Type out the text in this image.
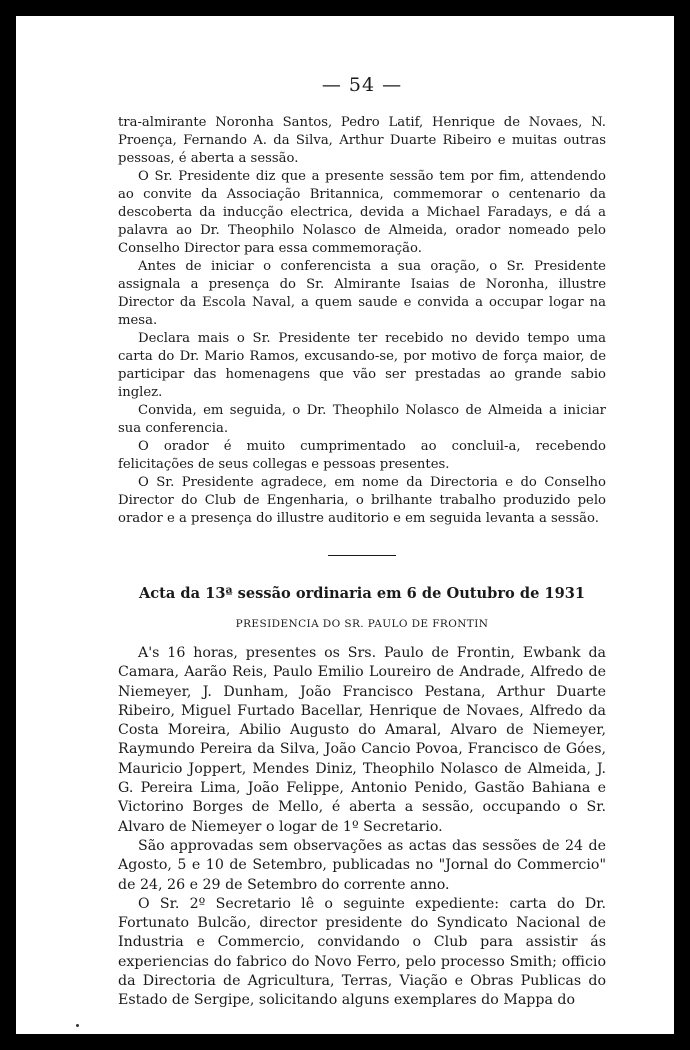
— 54 —

tra-almirante Noronha Santos, Pedro Latif, Henrique de Novaes, N. Proença, Fernando A. da Silva, Arthur Duarte Ribeiro e muitas outras pessoas, é aberta a sessão.

O Sr. Presidente diz que a presente sessão tem por fim, attendendo ao convite da Associação Britannica, commemorar o centenario da descoberta da inducção electrica, devida a Michael Faradays, e dá a palavra ao Dr. Theophilo Nolasco de Almeida, orador nomeado pelo Conselho Director para essa commemoração.

Antes de iniciar o conferencista a sua oração, o Sr. Presidente assignala a presença do Sr. Almirante Isaias de Noronha, illustre Director da Escola Naval, a quem saude e convida a occupar logar na mesa.

Declara mais o Sr. Presidente ter recebido no devido tempo uma carta do Dr. Mario Ramos, excusando-se, por motivo de força maior, de participar das homenagens que vão ser prestadas ao grande sabio inglez.

Convida, em seguida, o Dr. Theophilo Nolasco de Almeida a iniciar sua conferencia.

O orador é muito cumprimentado ao concluil-a, recebendo felicitações de seus collegas e pessoas presentes.

O Sr. Presidente agradece, em nome da Directoria e do Conselho Director do Club de Engenharia, o brilhante trabalho produzido pelo orador e a presença do illustre auditorio e em seguida levanta a sessão.

Acta da 13ª sessão ordinaria em 6 de Outubro de 1931
PRESIDENCIA DO SR. PAULO DE FRONTIN

A's 16 horas, presentes os Srs. Paulo de Frontin, Ewbank da Camara, Aarão Reis, Paulo Emilio Loureiro de Andrade, Alfredo de Niemeyer, J. Dunham, João Francisco Pestana, Arthur Duarte Ribeiro, Miguel Furtado Bacellar, Henrique de Novaes, Alfredo da Costa Moreira, Abilio Augusto do Amaral, Alvaro de Niemeyer, Raymundo Pereira da Silva, João Cancio Povoa, Francisco de Góes, Mauricio Joppert, Mendes Diniz, Theophilo Nolasco de Almeida, J. G. Pereira Lima, João Felippe, Antonio Penido, Gastão Bahiana e Victorino Borges de Mello, é aberta a sessão, occupando o Sr. Alvaro de Niemeyer o logar de 1º Secretario.

São approvadas sem observações as actas das sessões de 24 de Agosto, 5 e 10 de Setembro, publicadas no "Jornal do Commercio" de 24, 26 e 29 de Setembro do corrente anno.

O Sr. 2º Secretario lê o seguinte expediente: carta do Dr. Fortunato Bulcão, director presidente do Syndicato Nacional de Industria e Commercio, convidando o Club para assistir ás experiencias do fabrico do Novo Ferro, pelo processo Smith; officio da Directoria de Agricultura, Terras, Viação e Obras Publicas do Estado de Sergipe, solicitando alguns exemplares do Mappa do
